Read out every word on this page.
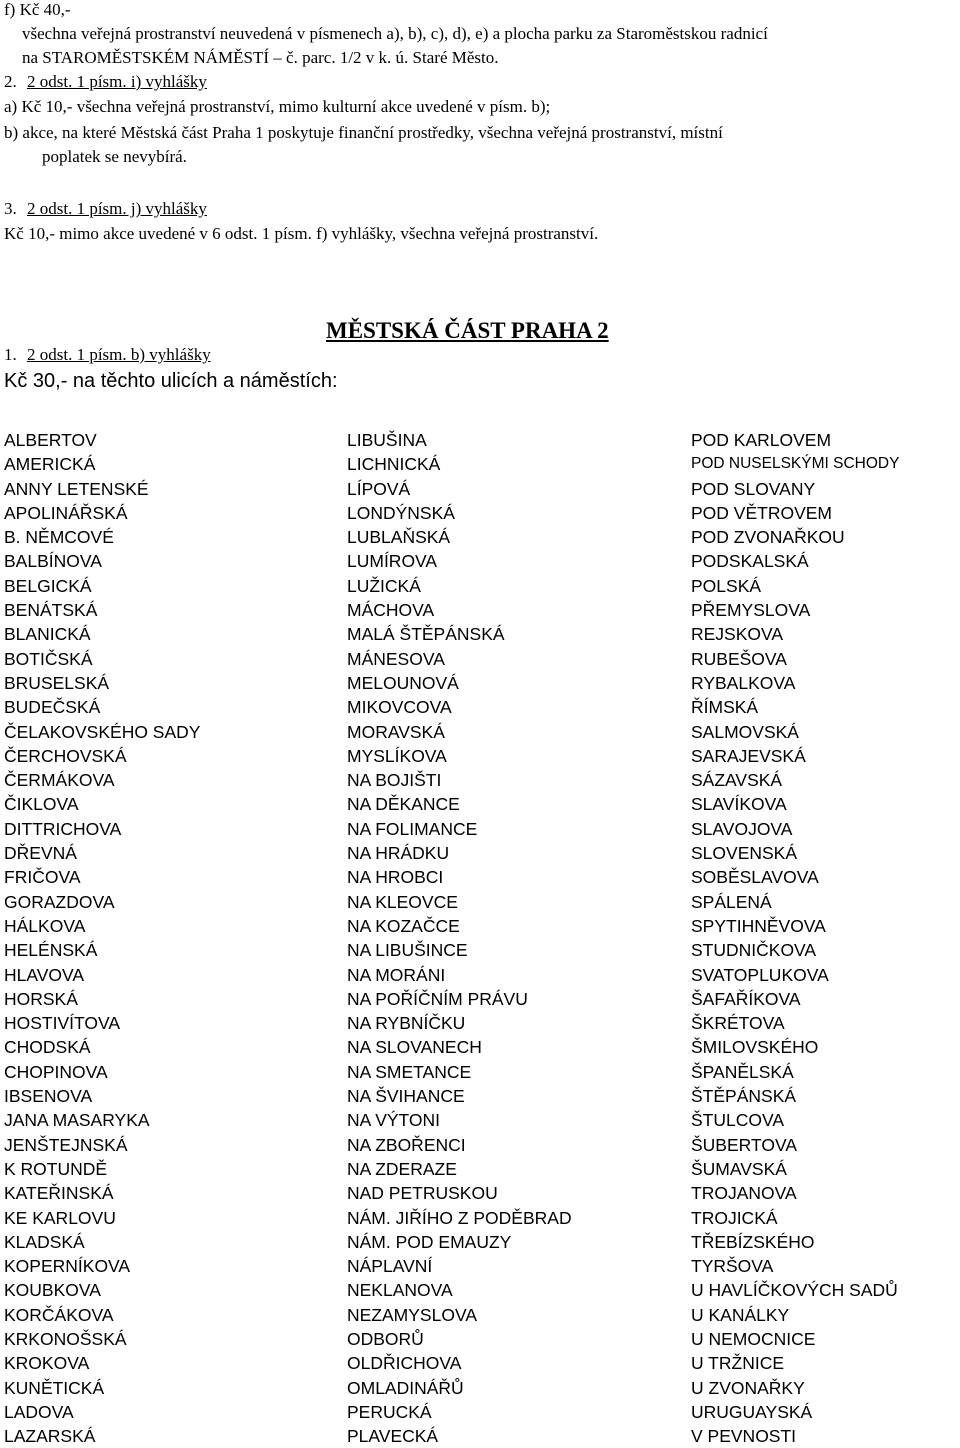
f) Kč 40,-
všechna veřejná prostranství neuvedená v písmenech a), b), c), d), e) a plocha parku za Staroměstskou radnicí
na STAROMĚSTSKÉM NÁMĚSTÍ – č. parc. 1/2 v k. ú. Staré Město.
2. 2 odst. 1 písm. i) vyhlášky
a) Kč 10,- všechna veřejná prostranství, mimo kulturní akce uvedené v písm. b);
b) akce, na které Městská část Praha 1 poskytuje finanční prostředky, všechna veřejná prostranství, místní
poplatek se nevybírá.
3. 2 odst. 1 písm. j) vyhlášky
Kč 10,- mimo akce uvedené v 6 odst. 1 písm. f) vyhlášky, všechna veřejná prostranství.
MĚSTSKÁ ČÁST PRAHA 2
1. 2 odst. 1 písm. b) vyhlášky
Kč 30,- na těchto ulicích a náměstích:
ALBERTOV
AMERICKÁ
ANNY LETENSKÉ
APOLINÁŘSKÁ
B. NĚMCOVÉ
BALBÍNOVA
BELGICKÁ
BENÁTSKÁ
BLANICKÁ
BOTIČSKÁ
BRUSELSKÁ
BUDEČSKÁ
ČELAKOVSKÉHO SADY
ČERCHOVSKÁ
ČERMÁKOVA
ČIKLOVA
DITTRICHOVA
DŘEVNÁ
FRIČOVA
GORAZDOVA
HÁLKOVA
HELÉNSKÁ
HLAVOVA
HORSKÁ
HOSTIVÍTOVA
CHODSKÁ
CHOPINOVA
IBSENOVA
JANA MASARYKA
JENŠTEJNSKÁ
K ROTUNDĚ
KATEŘINSKÁ
KE KARLOVU
KLADSKÁ
KOPERNÍKOVA
KOUBKOVA
KORČÁKOVA
KRKONOŠSKÁ
KROKOVA
KUNĚTICKÁ
LADOVA
LAZARSKÁ
LIBUŠINA
LICHNICKÁ
LÍPOVÁ
LONDÝNSKÁ
LUBLAŇSKÁ
LUMÍROVA
LUŽICKÁ
MÁCHOVA
MALÁ ŠTĚPÁNSKÁ
MÁNESOVA
MELOUNOVÁ
MIKOVCOVA
MORAVSKÁ
MYSLÍKOVA
NA BOJIŠTI
NA DĚKANCE
NA FOLIMANCE
NA HRÁDKU
NA HROBCI
NA KLEOVCE
NA KOZAČCE
NA LIBUŠINCE
NA MORÁNI
NA POŘÍČNÍM PRÁVU
NA RYBNÍČKU
NA SLOVANECH
NA SMETANCE
NA ŠVIHANCE
NA VÝTONI
NA ZBOŘENCI
NA ZDERAZE
NAD PETRUSKOU
NÁM. JIŘÍHO Z PODĚBRAD
NÁM. POD EMAUZY
NÁPLAVNÍ
NEKLANOVA
NEZAMYSLOVA
ODBORŮ
OLDŘICHOVA
OMLADINÁŘŮ
PERUCKÁ
PLAVECKÁ
POD KARLOVEM
POD NUSELSKÝMI SCHODY
POD SLOVANY
POD VĚTROVEM
POD ZVONAŘKOU
PODSKALSKÁ
POLSKÁ
PŘEMYSLOVA
REJSKOVA
RUBEŠOVA
RYBALKOVA
ŘÍMSKÁ
SALMOVSKÁ
SARAJEVSKÁ
SÁZAVSKÁ
SLAVÍKOVA
SLAVOJOVA
SLOVENSKÁ
SOBĚSLAVOVA
SPÁLENÁ
SPYTIHNĚVOVA
STUDNIČKOVA
SVATOPLUKOVA
ŠAFAŘÍKOVA
ŠKRÉTOVA
ŠMILOVSKÉHO
ŠPANĚLSKÁ
ŠTĚPÁNSKÁ
ŠTULCOVA
ŠUBERTOVA
ŠUMAVSKÁ
TROJANOVA
TROJICKÁ
TŘEBÍZSKÉHO
TYRŠOVA
U HAVLÍČKOVÝCH SADŮ
U KANÁLKY
U NEMOCNICE
U TRŽNICE
U ZVONAŘKY
URUGUAYSKÁ
V PEVNOSTI
